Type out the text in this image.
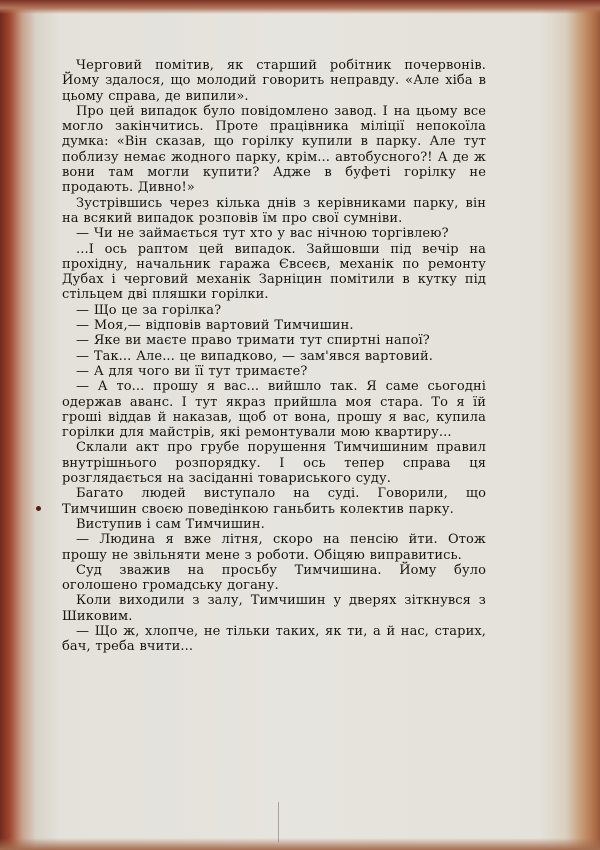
Черговий помітив, як старший робітник почервонів. Йому здалося, що молодий говорить неправду. «Але хіба в цьому справа, де випили».

Про цей випадок було повідомлено завод. І на цьому все могло закінчитись. Проте працівника міліції непокоїла думка: «Він сказав, що горілку купили в парку. Але тут поблизу немає жодного парку, крім... автобусного?! А де ж вони там могли купити? Адже в буфеті горілку не продають. Дивно!»

Зустрівшись через кілька днів з керівниками парку, він на всякий випадок розповів їм про свої сумніви.

— Чи не займається тут хто у вас нічною торгівлею?

...І ось раптом цей випадок. Зайшовши під вечір на прохідну, начальник гаража Євсеєв, механік по ремонту Дубах і черговий механік Зарніцин помітили в кутку під стільцем дві пляшки горілки.

— Що це за горілка?

— Моя,— відповів вартовий Тимчишин.

— Яке ви маєте право тримати тут спиртні напої?

— Так... Але... це випадково, — зам'явся вартовий.

— А для чого ви її тут тримаєте?

— А то... прошу я вас... вийшло так. Я саме сьогодні одержав аванс. І тут якраз прийшла моя стара. То я їй гроші віддав й наказав, щоб от вона, прошу я вас, купила горілки для майстрів, які ремонтували мою квартиру...

Склали акт про грубе порушення Тимчишиним правил внутрішнього розпорядку. І ось тепер справа ця розглядається на засіданні товариського суду.

Багато людей виступало на суді. Говорили, що Тимчишин своєю поведінкою ганьбить колектив парку.

Виступив і сам Тимчишин.

— Людина я вже літня, скоро на пенсію йти. Отож прошу не звільняти мене з роботи. Обіцяю виправитись.

Суд зважив на просьбу Тимчишина. Йому було оголошено громадську догану.

Коли виходили з залу, Тимчишин у дверях зіткнувся з Шиковим.

— Що ж, хлопче, не тільки таких, як ти, а й нас, старих, бач, треба вчити...
